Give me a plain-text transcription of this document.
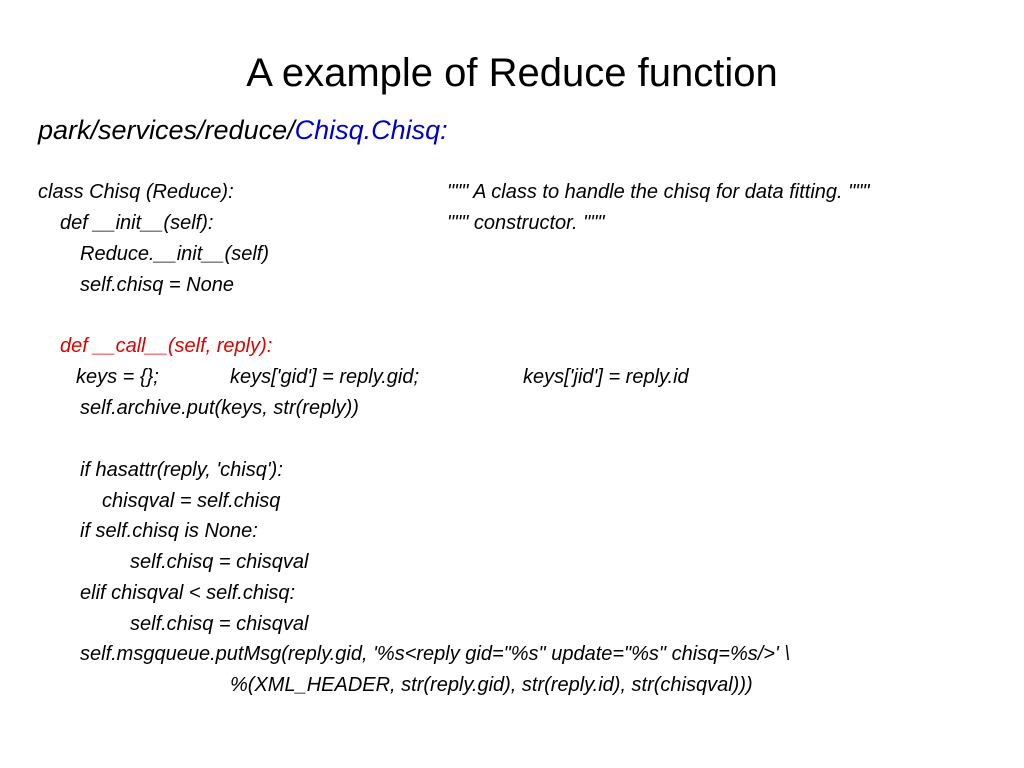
A example of Reduce function
park/services/reduce/Chisq.Chisq:
class Chisq (Reduce):	""" A class to handle the chisq for data fitting. """
def __init__(self):	""" constructor. """
Reduce.__init__(self)
self.chisq = None
def __call__(self, reply):
keys = {};	keys['gid'] = reply.gid;	keys['jid'] = reply.id
self.archive.put(keys, str(reply))
if hasattr(reply, 'chisq'):
chisqval = self.chisq
if self.chisq is None:
self.chisq = chisqval
elif chisqval < self.chisq:
self.chisq = chisqval
self.msgqueue.putMsg(reply.gid, '%s<reply gid="%s" update="%s" chisq=%s/>' \
%(XML_HEADER, str(reply.gid), str(reply.id), str(chisqval)))
